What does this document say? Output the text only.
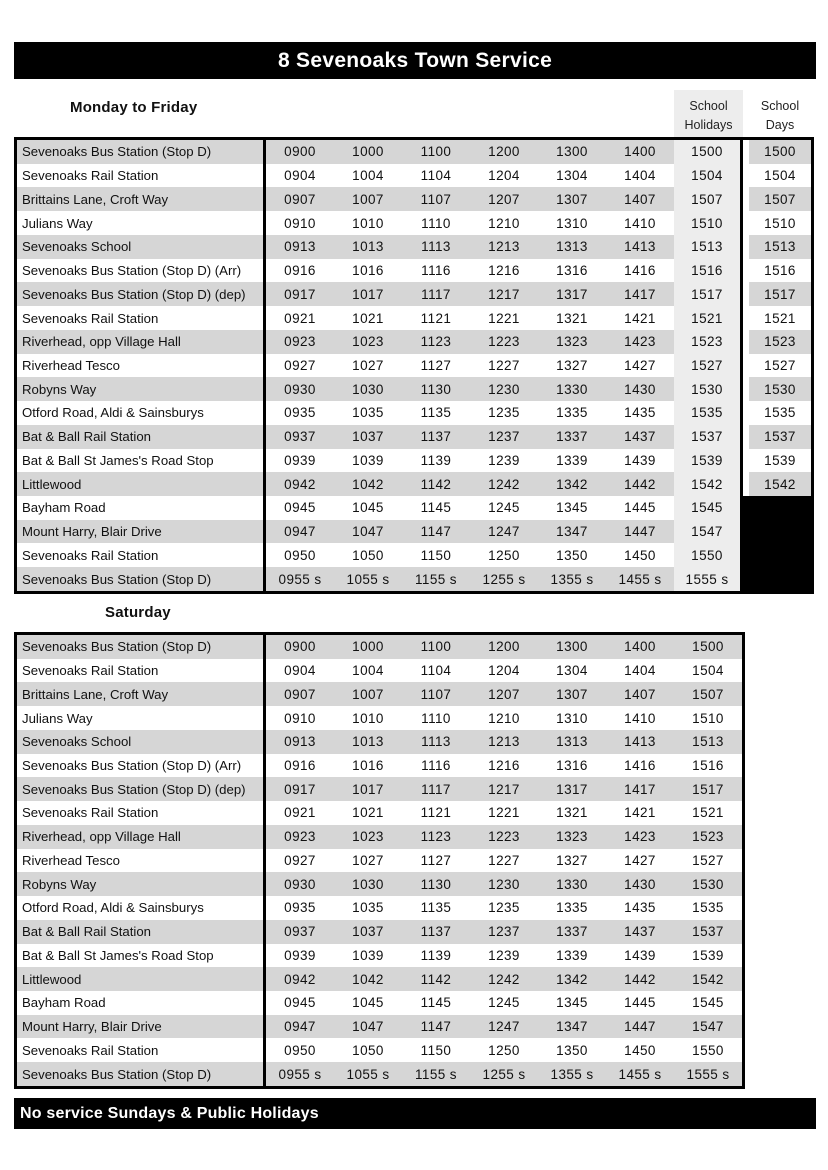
8 Sevenoaks Town Service
Monday to Friday	School
Holidays
School
Days
Sevenoaks Bus Station (Stop D)	0900	1000	1100	1200	1300	1400	1500	1500
Sevenoaks Rail Station	0904	1004	1104	1204	1304	1404	1504	1504
Brittains Lane, Croft Way	0907	1007	1107	1207	1307	1407	1507	1507
Julians Way	0910	1010	1110	1210	1310	1410	1510	1510
Sevenoaks School	0913	1013	1113	1213	1313	1413	1513	1513
Sevenoaks Bus Station (Stop D) (Arr)	0916	1016	1116	1216	1316	1416	1516	1516
Sevenoaks Bus Station (Stop D) (dep)	0917	1017	1117	1217	1317	1417	1517	1517
Sevenoaks Rail Station	0921	1021	1121	1221	1321	1421	1521	1521
Riverhead, opp Village Hall	0923	1023	1123	1223	1323	1423	1523	1523
Riverhead Tesco	0927	1027	1127	1227	1327	1427	1527	1527
Robyns Way	0930	1030	1130	1230	1330	1430	1530	1530
Otford Road, Aldi & Sainsburys	0935	1035	1135	1235	1335	1435	1535	1535
Bat & Ball Rail Station	0937	1037	1137	1237	1337	1437	1537	1537
Bat & Ball St James's Road Stop	0939	1039	1139	1239	1339	1439	1539	1539
Littlewood	0942	1042	1142	1242	1342	1442	1542	1542
Bayham Road	0945	1045	1145	1245	1345	1445	1545
Mount Harry, Blair Drive	0947	1047	1147	1247	1347	1447	1547
Sevenoaks Rail Station	0950	1050	1150	1250	1350	1450	1550
Sevenoaks Bus Station (Stop D)	0955 s	1055 s	1155 s	1255 s	1355 s	1455 s	1555 s
Saturday
Sevenoaks Bus Station (Stop D)	0900	1000	1100	1200	1300	1400	1500
Sevenoaks Rail Station	0904	1004	1104	1204	1304	1404	1504
Brittains Lane, Croft Way	0907	1007	1107	1207	1307	1407	1507
Julians Way	0910	1010	1110	1210	1310	1410	1510
Sevenoaks School	0913	1013	1113	1213	1313	1413	1513
Sevenoaks Bus Station (Stop D) (Arr)	0916	1016	1116	1216	1316	1416	1516
Sevenoaks Bus Station (Stop D) (dep)	0917	1017	1117	1217	1317	1417	1517
Sevenoaks Rail Station	0921	1021	1121	1221	1321	1421	1521
Riverhead, opp Village Hall	0923	1023	1123	1223	1323	1423	1523
Riverhead Tesco	0927	1027	1127	1227	1327	1427	1527
Robyns Way	0930	1030	1130	1230	1330	1430	1530
Otford Road, Aldi & Sainsburys	0935	1035	1135	1235	1335	1435	1535
Bat & Ball Rail Station	0937	1037	1137	1237	1337	1437	1537
Bat & Ball St James's Road Stop	0939	1039	1139	1239	1339	1439	1539
Littlewood	0942	1042	1142	1242	1342	1442	1542
Bayham Road	0945	1045	1145	1245	1345	1445	1545
Mount Harry, Blair Drive	0947	1047	1147	1247	1347	1447	1547
Sevenoaks Rail Station	0950	1050	1150	1250	1350	1450	1550
Sevenoaks Bus Station (Stop D)	0955 s	1055 s	1155 s	1255 s	1355 s	1455 s	1555 s
No service Sundays & Public Holidays
